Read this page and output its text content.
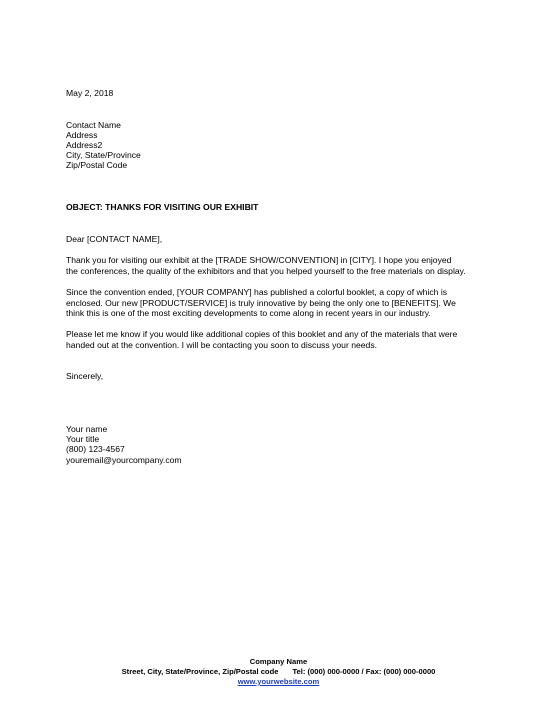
May 2, 2018
Contact Name
Address
Address2
City, State/Province
Zip/Postal Code
OBJECT: THANKS FOR VISITING OUR EXHIBIT
Dear [CONTACT NAME],
Thank you for visiting our exhibit at the [TRADE SHOW/CONVENTION] in [CITY]. I hope you enjoyed
the conferences, the quality of the exhibitors and that you helped yourself to the free materials on display.
Since the convention ended, [YOUR COMPANY] has published a colorful booklet, a copy of which is
enclosed. Our new [PRODUCT/SERVICE] is truly innovative by being the only one to [BENEFITS]. We
think this is one of the most exciting developments to come along in recent years in our industry.
Please let me know if you would like additional copies of this booklet and any of the materials that were
handed out at the convention. I will be contacting you soon to discuss your needs.
Sincerely,
Your name
Your title
(800) 123-4567
youremail@yourcompany.com
Company Name
Street, City, State/Province, Zip/Postal code Tel: (000) 000-0000 / Fax: (000) 000-0000
www.yourwebsite.com
